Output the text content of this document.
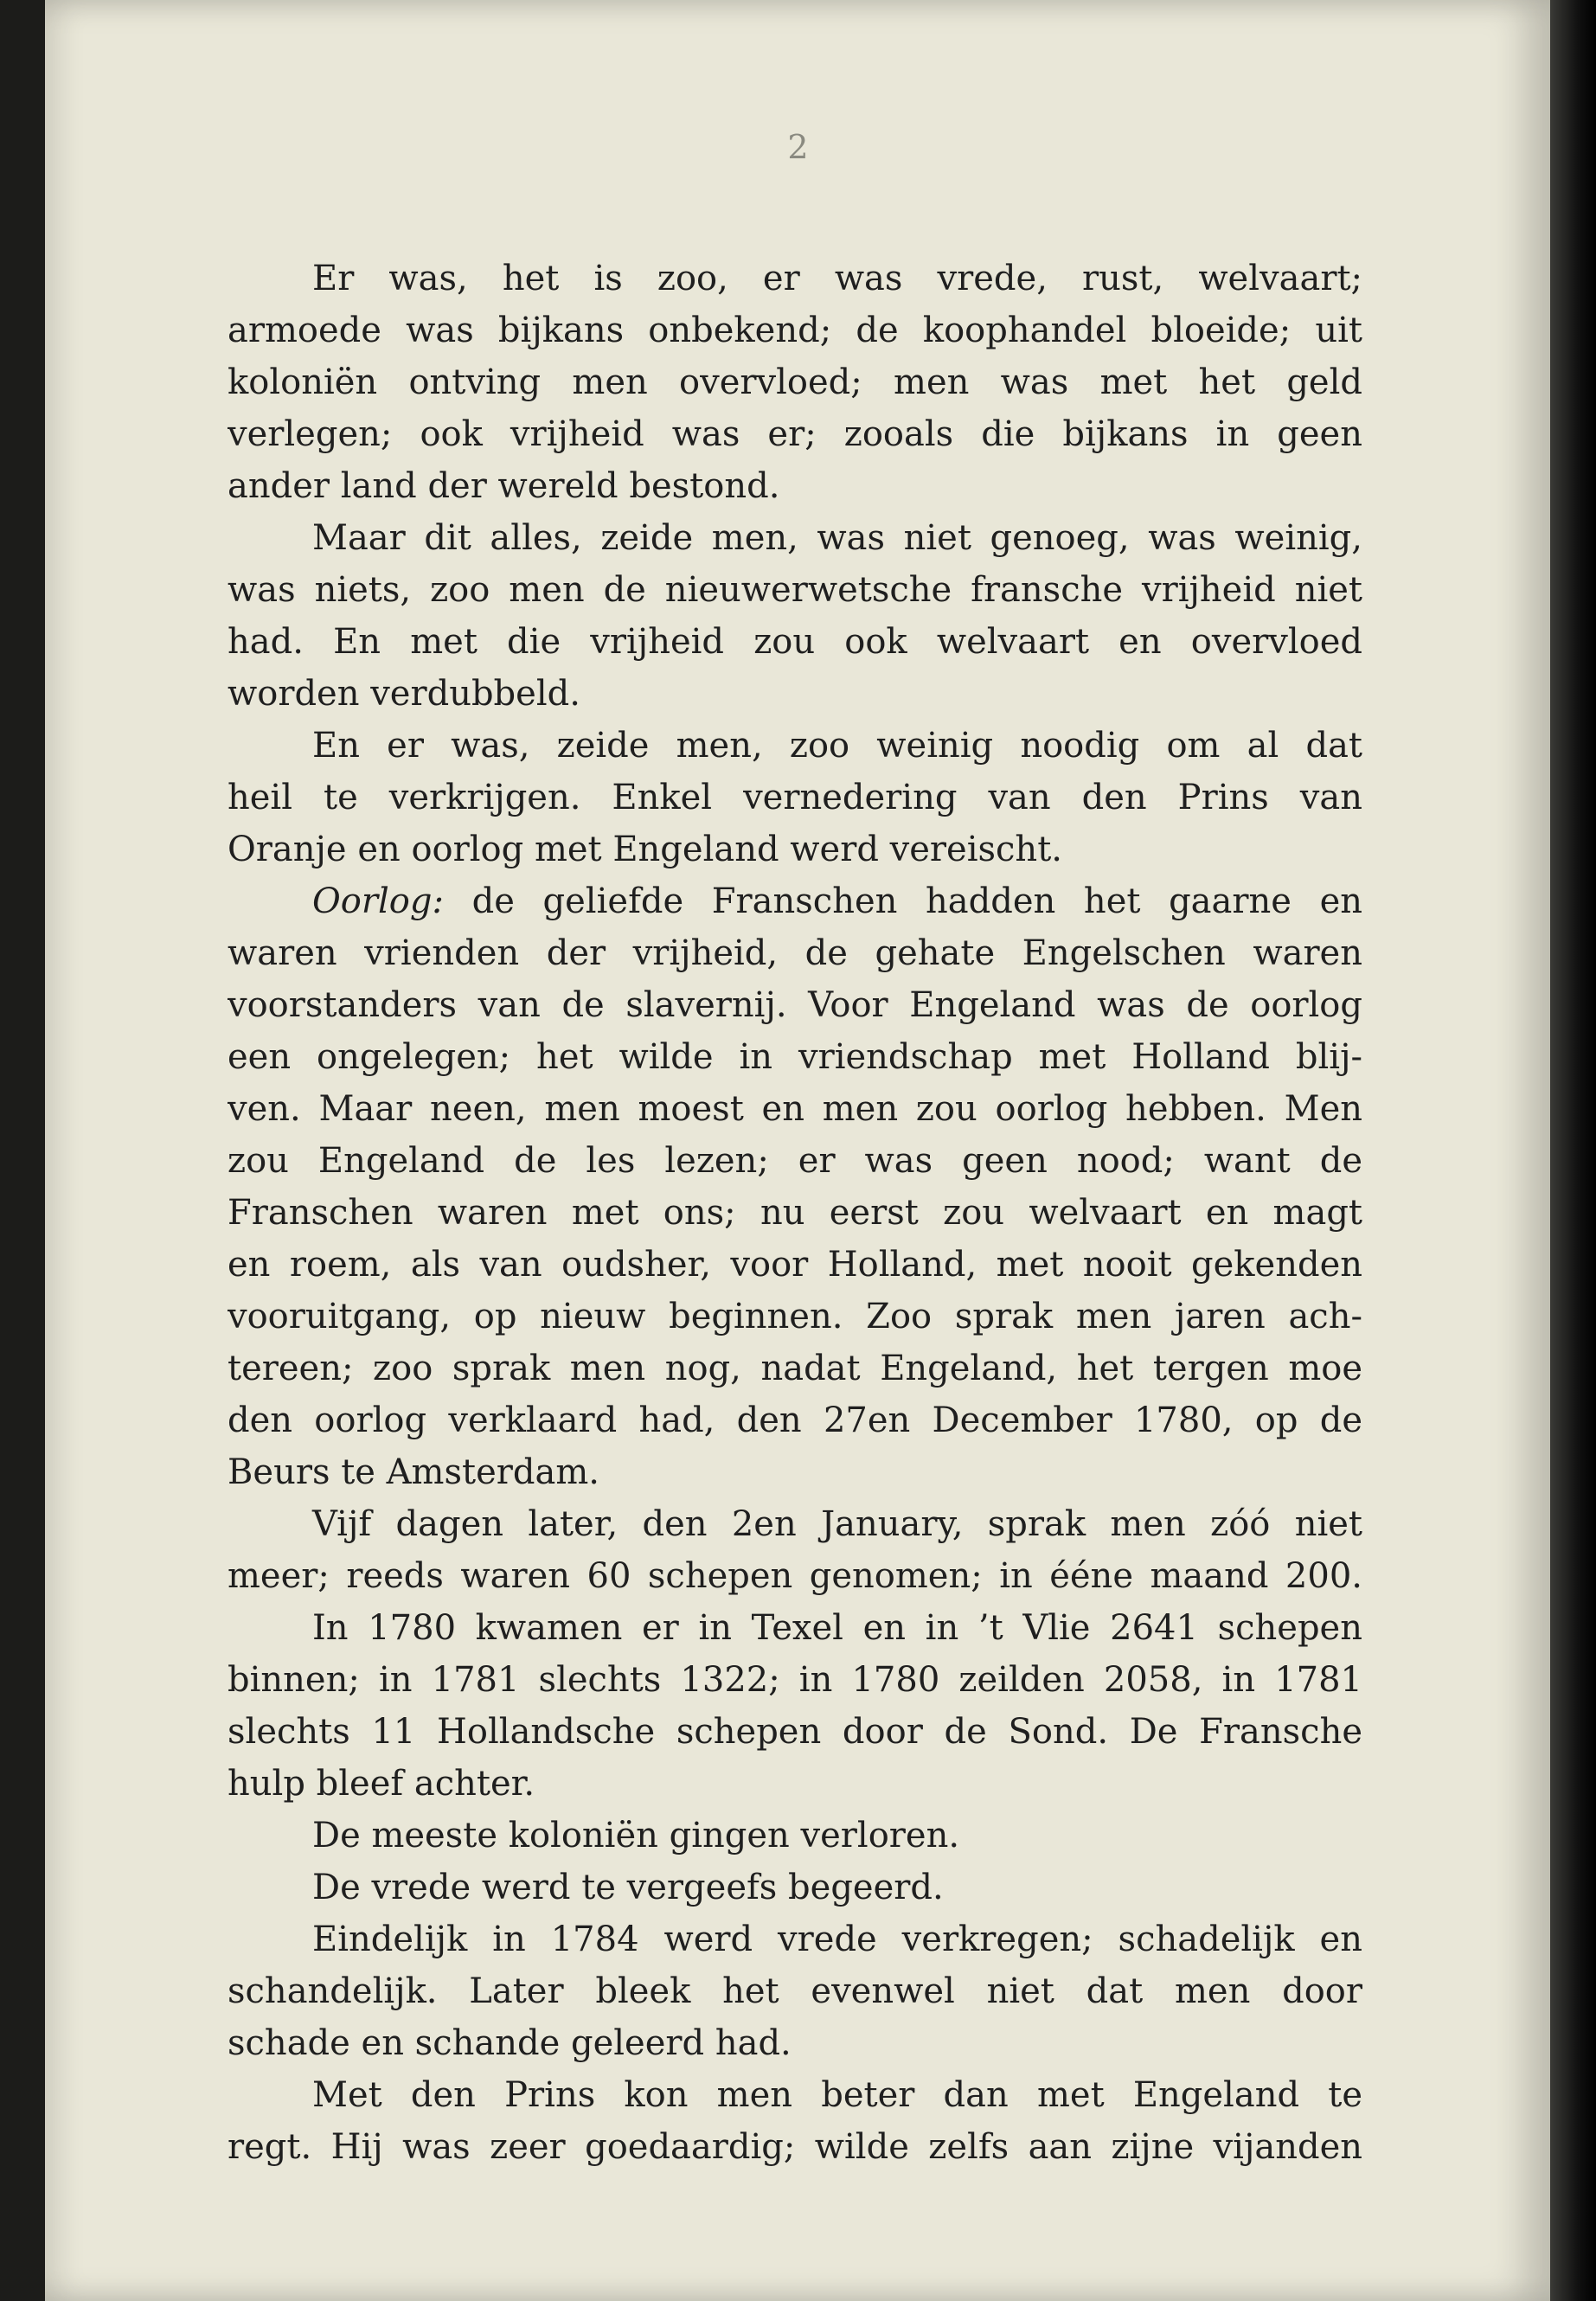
2
Er was, het is zoo, er was vrede, rust, welvaart;
armoede was bijkans onbekend; de koophandel bloeide; uit
koloniën ontving men overvloed; men was met het geld
verlegen; ook vrijheid was er; zooals die bijkans in geen
ander land der wereld bestond.
Maar dit alles, zeide men, was niet genoeg, was weinig,
was niets, zoo men de nieuwerwetsche fransche vrijheid niet
had. En met die vrijheid zou ook welvaart en overvloed
worden verdubbeld.
En er was, zeide men, zoo weinig noodig om al dat
heil te verkrijgen. Enkel vernedering van den Prins van
Oranje en oorlog met Engeland werd vereischt.
Oorlog: de geliefde Franschen hadden het gaarne en
waren vrienden der vrijheid, de gehate Engelschen waren
voorstanders van de slavernij. Voor Engeland was de oorlog
een ongelegen; het wilde in vriendschap met Holland blij-
ven. Maar neen, men moest en men zou oorlog hebben. Men
zou Engeland de les lezen; er was geen nood; want de
Franschen waren met ons; nu eerst zou welvaart en magt
en roem, als van oudsher, voor Holland, met nooit gekenden
vooruitgang, op nieuw beginnen. Zoo sprak men jaren ach-
tereen; zoo sprak men nog, nadat Engeland, het tergen moe
den oorlog verklaard had, den 27en December 1780, op de
Beurs te Amsterdam.
Vijf dagen later, den 2en January, sprak men zóó niet
meer; reeds waren 60 schepen genomen; in ééne maand 200.
In 1780 kwamen er in Texel en in ’t Vlie 2641 schepen
binnen; in 1781 slechts 1322; in 1780 zeilden 2058, in 1781
slechts 11 Hollandsche schepen door de Sond. De Fransche
hulp bleef achter.
De meeste koloniën gingen verloren.
De vrede werd te vergeefs begeerd.
Eindelijk in 1784 werd vrede verkregen; schadelijk en
schandelijk. Later bleek het evenwel niet dat men door
schade en schande geleerd had.
Met den Prins kon men beter dan met Engeland te
regt. Hij was zeer goedaardig; wilde zelfs aan zijne vijanden
